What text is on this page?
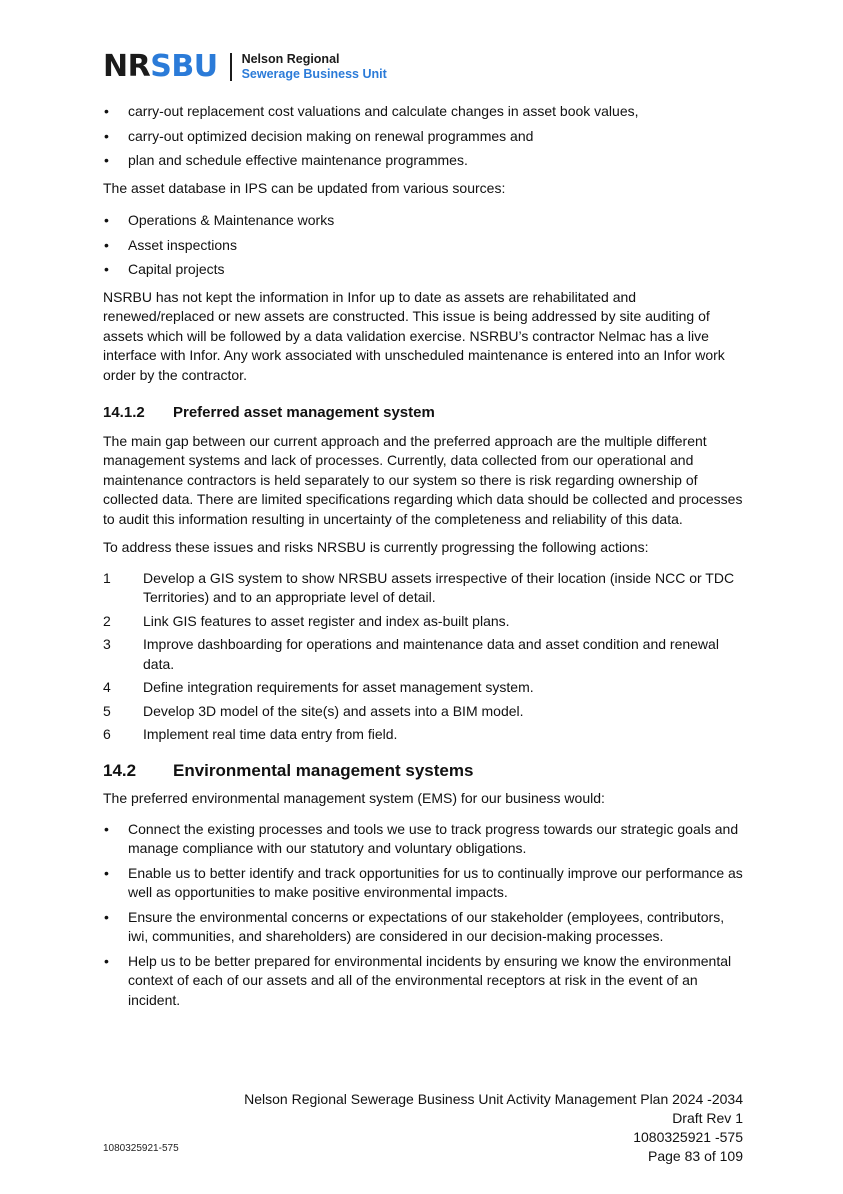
NRSBU Nelson Regional
Sewerage Business Unit
• carry-out replacement cost valuations and calculate changes in asset book values,
• carry-out optimized decision making on renewal programmes and
• plan and schedule effective maintenance programmes.

The asset database in IPS can be updated from various sources:

• Operations & Maintenance works
• Asset inspections
• Capital projects

NSRBU has not kept the information in Infor up to date as assets are rehabilitated and renewed/replaced or new assets are constructed. This issue is being addressed by site auditing of assets which will be followed by a data validation exercise. NSRBU’s contractor Nelmac has a live interface with Infor. Any work associated with unscheduled maintenance is entered into an Infor work order by the contractor.

14.1.2	Preferred asset management system

The main gap between our current approach and the preferred approach are the multiple different management systems and lack of processes. Currently, data collected from our operational and maintenance contractors is held separately to our system so there is risk regarding ownership of collected data. There are limited specifications regarding which data should be collected and processes to audit this information resulting in uncertainty of the completeness and reliability of this data.

To address these issues and risks NRSBU is currently progressing the following actions:

1 Develop a GIS system to show NRSBU assets irrespective of their location (inside NCC or TDC Territories) and to an appropriate level of detail.
2 Link GIS features to asset register and index as-built plans.
3 Improve dashboarding for operations and maintenance data and asset condition and renewal data.
4 Define integration requirements for asset management system.
5 Develop 3D model of the site(s) and assets into a BIM model.
6 Implement real time data entry from field.
14.2	Environmental management systems

The preferred environmental management system (EMS) for our business would:

• Connect the existing processes and tools we use to track progress towards our strategic goals and manage compliance with our statutory and voluntary obligations.
• Enable us to better identify and track opportunities for us to continually improve our performance as well as opportunities to make positive environmental impacts.
• Ensure the environmental concerns or expectations of our stakeholder (employees, contributors, iwi, communities, and shareholders) are considered in our decision-making processes.
• Help us to be better prepared for environmental incidents by ensuring we know the environmental context of each of our assets and all of the environmental receptors at risk in the event of an incident.
Nelson Regional Sewerage Business Unit Activity Management Plan 2024 -2034
Draft Rev 1
1080325921 -575
Page 83 of 109
1080325921-575
